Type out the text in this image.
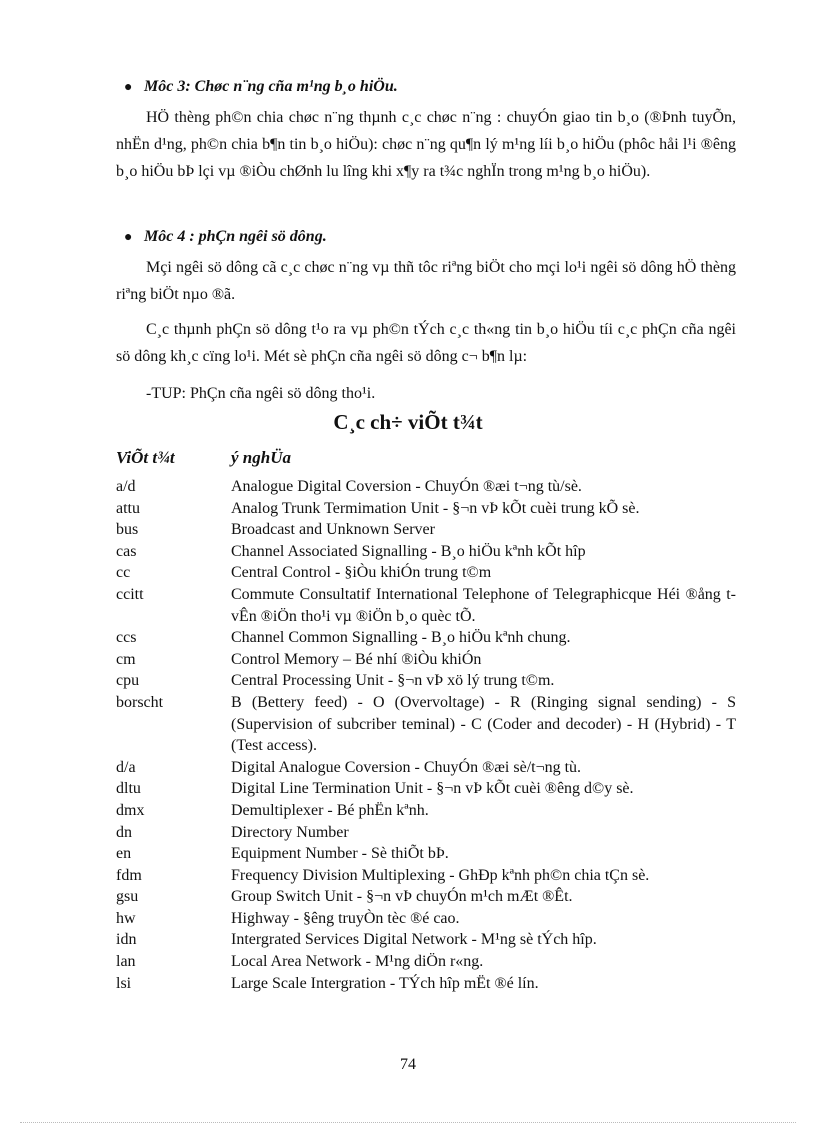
● Môc 3: Chøc n¨ng cña m¹ng b¸o hiÖu.
HÖ thèng ph©n chia chøc n¨ng thµnh c¸c chøc n¨ng : chuyÓn giao tin b¸o (®Þnh tuyÕn, nhËn d¹ng, ph©n chia b¶n tin b¸o hiÖu): chøc n¨ng qu¶n lý m¹ng líi b¸o hiÖu (phôc håi l¹i ®êng b¸o hiÖu bÞ lçi vµ ®iÒu chØnh lu lîng khi x¶y ra t¾c nghÏn trong m¹ng b¸o hiÖu).
● Môc 4 : phÇn ngêi sö dông.
Mçi ngêi sö dông cã c¸c chøc n¨ng vµ thñ tôc riªng biÖt cho mçi lo¹i ngêi sö dông hÖ thèng riªng biÖt nµo ®ã.
C¸c thµnh phÇn sö dông t¹o ra vµ ph©n tÝch c¸c th«ng tin b¸o hiÖu tíi c¸c phÇn cña ngêi sö dông kh¸c cïng lo¹i. Mét sè phÇn cña ngêi sö dông c¬ b¶n lµ:
-TUP: PhÇn cña ngêi sö dông tho¹i.
C¸c ch÷ viÕt t¾t
ViÕt t¾t	ý nghÜa
a/d	Analogue Digital Coversion - ChuyÓn ®æi t¬ng tù/sè.
attu	Analog Trunk Termimation Unit - §¬n vÞ kÕt cuèi trung kÕ sè.
bus	Broadcast and Unknown Server
cas	Channel Associated Signalling - B¸o hiÖu kªnh kÕt hîp
cc	Central Control - §iÒu khiÓn trung t©m
ccitt	Commute Consultatif International Telephone of Telegraphicque Héi ®ång t vÊn ®iÖn tho¹i vµ ®iÖn b¸o quèc tÕ.
ccs	Channel Common Signalling - B¸o hiÖu kªnh chung.
cm	Control Memory – Bé nhí ®iÒu khiÓn
cpu	Central Processing Unit - §¬n vÞ xö lý trung t©m.
borscht	B (Bettery feed) - O (Overvoltage) - R (Ringing signal sending) - S (Supervision of subcriber teminal) - C (Coder and decoder) - H (Hybrid) - T (Test access).
d/a	Digital Analogue Coversion - ChuyÓn ®æi sè/t¬ng tù.
dltu	Digital Line Termination Unit - §¬n vÞ kÕt cuèi ®êng d©y sè.
dmx	Demultiplexer - Bé phËn kªnh.
dn	Directory Number
en	Equipment Number - Sè thiÕt bÞ.
fdm	Frequency Division Multiplexing - GhÐp kªnh ph©n chia tÇn sè.
gsu	Group Switch Unit - §¬n vÞ chuyÓn m¹ch mÆt ®Êt.
hw	Highway - §êng truyÒn tèc ®é cao.
idn	Intergrated Services Digital Network - M¹ng sè tÝch hîp.
lan	Local Area Network - M¹ng diÖn r«ng.
lsi	Large Scale Intergration - TÝch hîp mËt ®é lín.
74
